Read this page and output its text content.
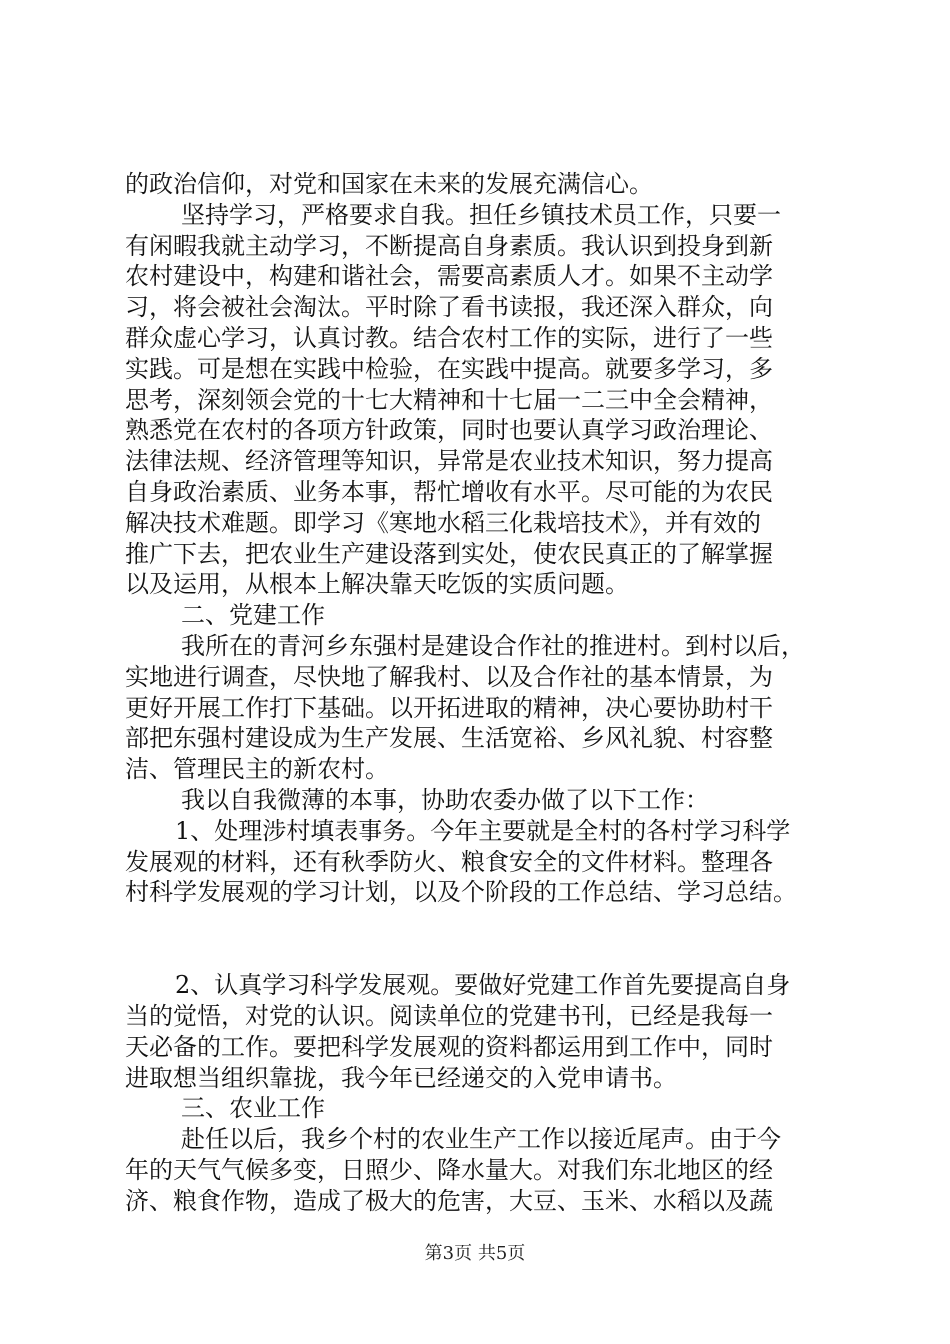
的政治信仰，对党和国家在未来的发展充满信心。
坚持学习，严格要求自我。担任乡镇技术员工作，只要一
有闲暇我就主动学习，不断提高自身素质。我认识到投身到新
农村建设中，构建和谐社会，需要高素质人才。如果不主动学
习，将会被社会淘汰。平时除了看书读报，我还深入群众，向
群众虚心学习，认真讨教。结合农村工作的实际，进行了一些
实践。可是想在实践中检验，在实践中提高。就要多学习，多
思考，深刻领会党的十七大精神和十七届一二三中全会精神，
熟悉党在农村的各项方针政策，同时也要认真学习政治理论、
法律法规、经济管理等知识，异常是农业技术知识，努力提高
自身政治素质、业务本事，帮忙增收有水平。尽可能的为农民
解决技术难题。即学习《寒地水稻三化栽培技术》，并有效的
推广下去，把农业生产建设落到实处，使农民真正的了解掌握
以及运用，从根本上解决靠天吃饭的实质问题。
二、党建工作
我所在的青河乡东强村是建设合作社的推进村。到村以后，
实地进行调查，尽快地了解我村、以及合作社的基本情景，为
更好开展工作打下基础。以开拓进取的精神，决心要协助村干
部把东强村建设成为生产发展、生活宽裕、乡风礼貌、村容整
洁、管理民主的新农村。
我以自我微薄的本事，协助农委办做了以下工作：
1、处理涉村填表事务。今年主要就是全村的各村学习科学
发展观的材料，还有秋季防火、粮食安全的文件材料。整理各
村科学发展观的学习计划，以及个阶段的工作总结、学习总结。
2、认真学习科学发展观。要做好党建工作首先要提高自身
当的觉悟，对党的认识。阅读单位的党建书刊，已经是我每一
天必备的工作。要把科学发展观的资料都运用到工作中，同时
进取想当组织靠拢，我今年已经递交的入党申请书。
三、农业工作
赴任以后，我乡个村的农业生产工作以接近尾声。由于今
年的天气气候多变，日照少、降水量大。对我们东北地区的经
济、粮食作物，造成了极大的危害，大豆、玉米、水稻以及蔬
第3页 共5页
